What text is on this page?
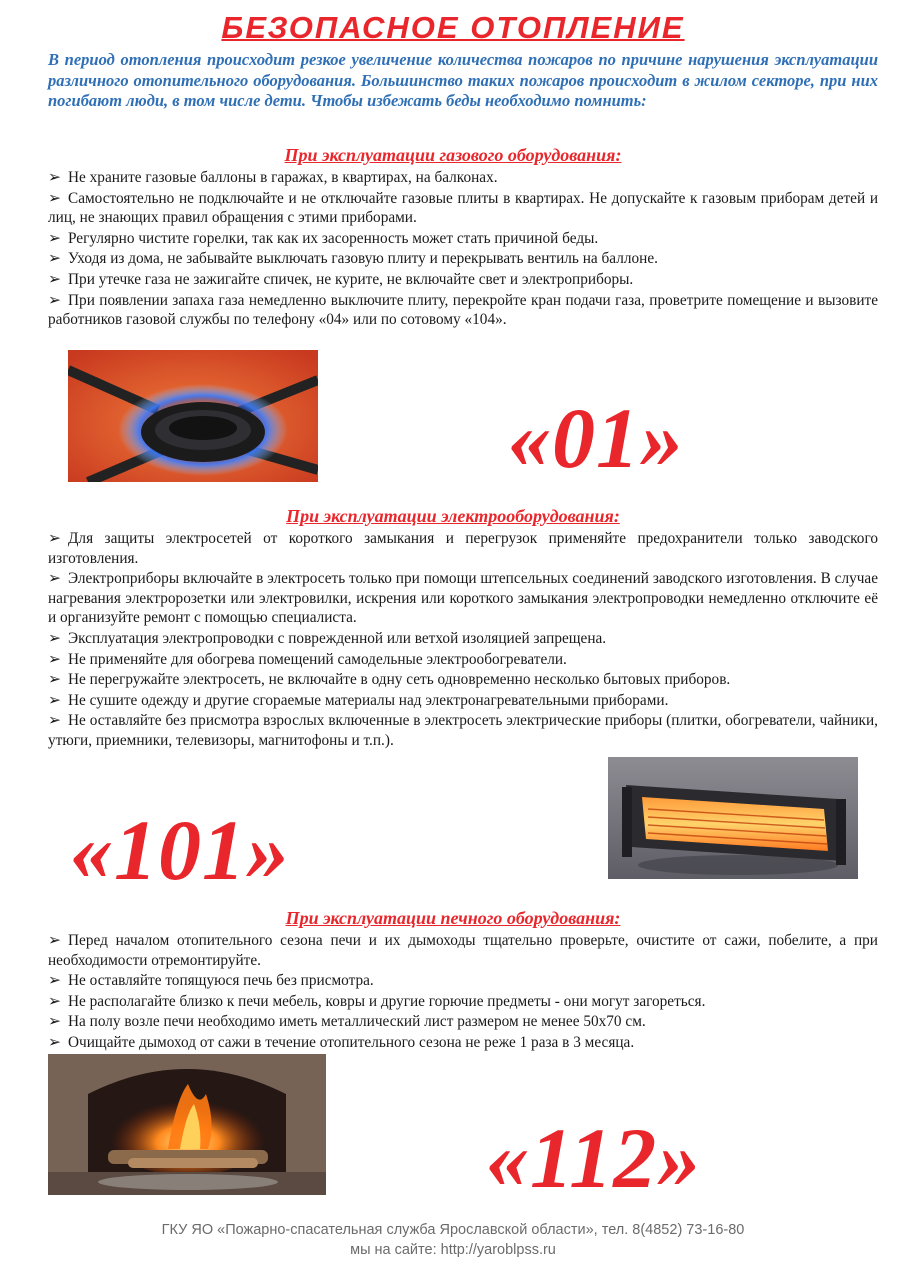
БЕЗОПАСНОЕ ОТОПЛЕНИЕ
В период отопления происходит резкое увеличение количества пожаров по причине нарушения эксплуатации различного отопительного оборудования. Большинство таких пожаров происходит в жилом секторе, при них погибают люди, в том числе дети. Чтобы избежать беды необходимо помнить:
При эксплуатации газового оборудования:
➢ Не храните газовые баллоны в гаражах, в квартирах, на балконах.
➢ Самостоятельно не подключайте и не отключайте газовые плиты в квартирах. Не допускайте к газовым приборам детей и лиц, не знающих правил обращения с этими приборами.
➢ Регулярно чистите горелки, так как их засоренность может стать причиной беды.
➢ Уходя из дома, не забывайте выключать газовую плиту и перекрывать вентиль на баллоне.
➢ При утечке газа не зажигайте спичек, не курите, не включайте свет и электроприборы.
➢ При появлении запаха газа немедленно выключите плиту, перекройте кран подачи газа, проветрите помещение и вызовите работников газовой службы по телефону «04» или по сотовому «104».
«01»
При эксплуатации электрооборудования:
➢ Для защиты электросетей от короткого замыкания и перегрузок применяйте предохранители только заводского изготовления.
➢ Электроприборы включайте в электросеть только при помощи штепсельных соединений заводского изготовления. В случае нагревания электророзетки или электровилки, искрения или короткого замыкания электропроводки немедленно отключите её и организуйте ремонт с помощью специалиста.
➢ Эксплуатация электропроводки с поврежденной или ветхой изоляцией запрещена.
➢ Не применяйте для обогрева помещений самодельные электрообогреватели.
➢ Не перегружайте электросеть, не включайте в одну сеть одновременно несколько бытовых приборов.
➢ Не сушите одежду и другие сгораемые материалы над электронагревательными приборами.
➢ Не оставляйте без присмотра взрослых включенные в электросеть электрические приборы (плитки, обогреватели, чайники, утюги, приемники, телевизоры, магнитофоны и т.п.).
«101»
При эксплуатации печного оборудования:
➢ Перед началом отопительного сезона печи и их дымоходы тщательно проверьте, очистите от сажи, побелите, а при необходимости отремонтируйте.
➢ Не оставляйте топящуюся печь без присмотра.
➢ Не располагайте близко к печи мебель, ковры и другие горючие предметы - они могут загореться.
➢ На полу возле печи необходимо иметь металлический лист размером не менее 50х70 см.
➢ Очищайте дымоход от сажи в течение отопительного сезона не реже 1 раза в 3 месяца.
«112»
ГКУ ЯО «Пожарно-спасательная служба Ярославской области», тел. 8(4852) 73-16-80
мы на сайте: http://yaroblpss.ru
